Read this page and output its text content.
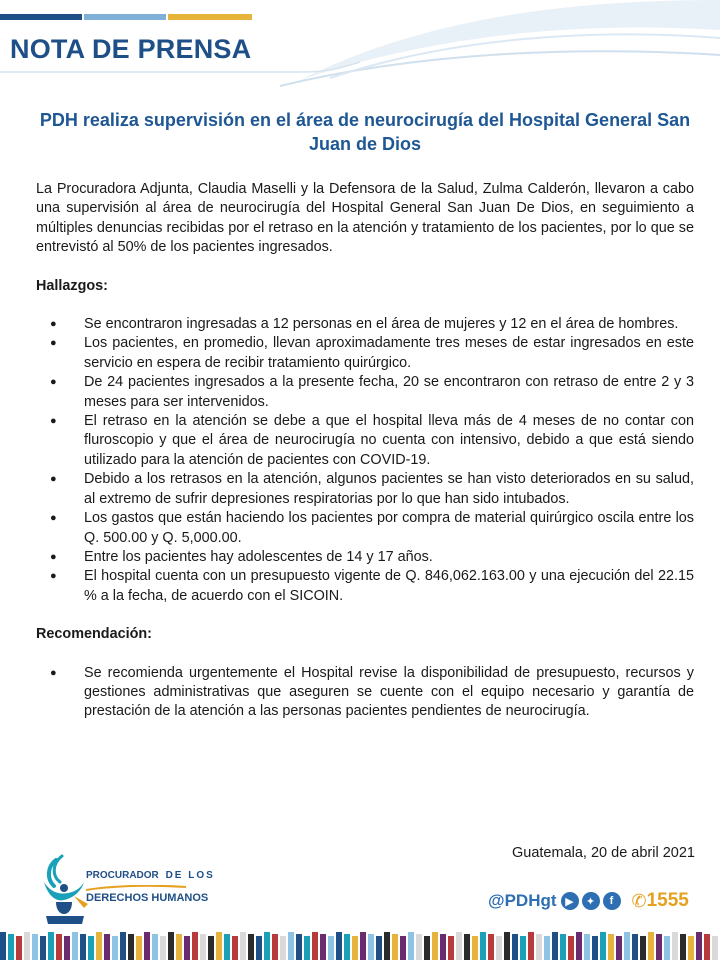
NOTA DE PRENSA
PDH realiza supervisión en el área de neurocirugía del Hospital General San Juan de Dios

La Procuradora Adjunta, Claudia Maselli y la Defensora de la Salud, Zulma Calderón, llevaron a cabo una supervisión al área de neurocirugía del Hospital General San Juan De Dios, en seguimiento a múltiples denuncias recibidas por el retraso en la atención y tratamiento de los pacientes, por lo que se entrevistó al 50% de los pacientes ingresados.

Hallazgos:

● Se encontraron ingresadas a 12 personas en el área de mujeres y 12 en el área de hombres.
● Los pacientes, en promedio, llevan aproximadamente tres meses de estar ingresados en este servicio en espera de recibir tratamiento quirúrgico.
● De 24 pacientes ingresados a la presente fecha, 20 se encontraron con retraso de entre 2 y 3 meses para ser intervenidos.
● El retraso en la atención se debe a que el hospital lleva más de 4 meses de no contar con fluroscopio y que el área de neurocirugía no cuenta con intensivo, debido a que está siendo utilizado para la atención de pacientes con COVID-19.
● Debido a los retrasos en la atención, algunos pacientes se han visto deteriorados en su salud, al extremo de sufrir depresiones respiratorias por lo que han sido intubados.
● Los gastos que están haciendo los pacientes por compra de material quirúrgico oscila entre los Q. 500.00 y Q. 5,000.00.
● Entre los pacientes hay adolescentes de 14 y 17 años.
● El hospital cuenta con un presupuesto vigente de Q. 846,062.163.00 y una ejecución del 22.15 % a la fecha, de acuerdo con el SICOIN.

Recomendación:

● Se recomienda urgentemente el Hospital revise la disponibilidad de presupuesto, recursos y gestiones administrativas que aseguren se cuente con el equipo necesario y garantía de prestación de la atención a las personas pacientes pendientes de neurocirugía.
Guatemala, 20 de abril 2021
PROCURADOR DE LOS
DERECHOS HUMANOS	@PDHgt ▶	✦	f	✆ 1555
